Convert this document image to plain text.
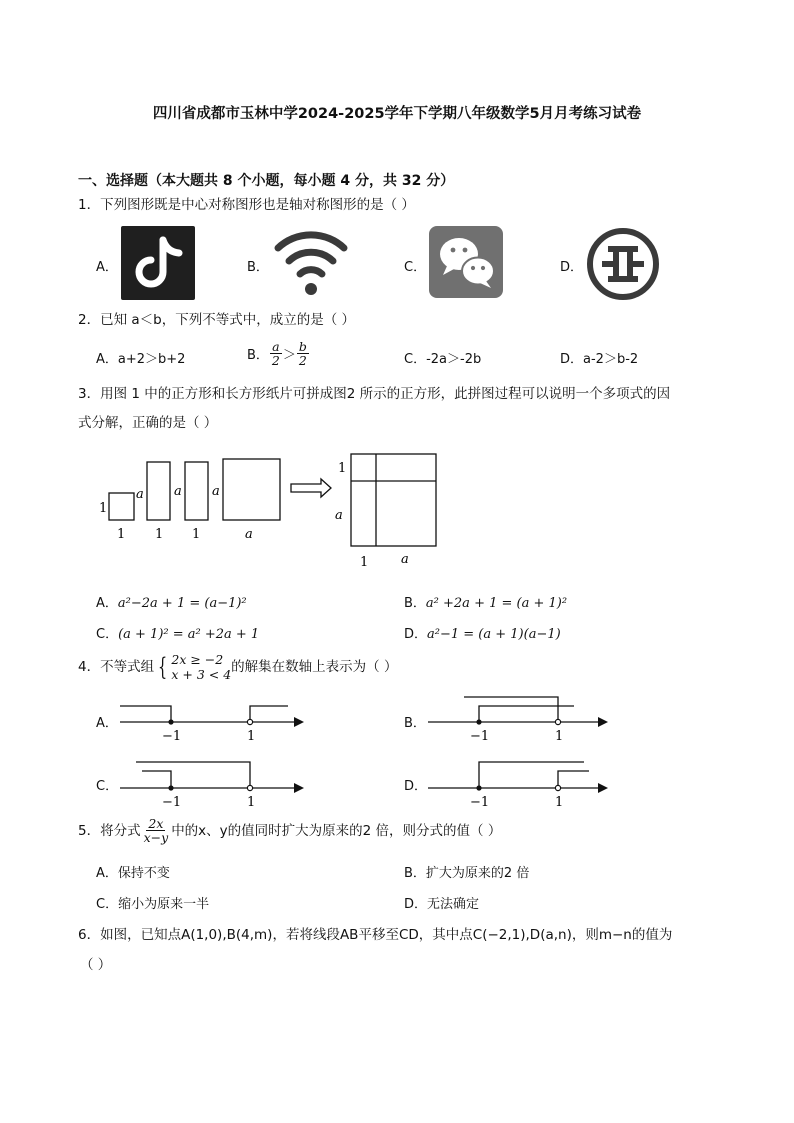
四川省成都市玉林中学2024-2025学年下学期八年级数学5月月考练习试卷
一、选择题（本大题共 8 个小题，每小题 4 分，共 32 分）
1．下列图形既是中心对称图形也是轴对称图形的是（ ）
A．	B．	C．	D．
2．已知 a＜b，下列不等式中，成立的是（ ）
A．a+2＞b+2	B． $\frac{a}{2} > \frac{b}{2}$	C．-2a＞-2b	D．a-2＞b-2
3．用图 1 中的正方形和长方形纸片可拼成图2 所示的正方形，此拼图过程可以说明一个多项式的因
式分解，正确的是（ ）
1
1
a
1
a
1
a
a
1
a
1	a
A．a²−2a + 1 = (a−1)²	B．a² +2a + 1 = (a + 1)²
C．(a + 1)² = a² +2a + 1	D．a²−1 = (a + 1)(a−1)
4．不等式组 { 2x ≥ −2
x + 3 < 4 的解集在数轴上表示为（ ）
A．	B．
C．	D．
−1	1	−1	1
−1	1	−1	1
5．将分式 $\frac{2x}{x-y}$ 中的x、y的值同时扩大为原来的2 倍，则分式的值（ ）
A．保持不变	B．扩大为原来的2 倍
C．缩小为原来一半	D．无法确定
6．如图，已知点A(1,0),B(4,m)，若将线段AB平移至CD，其中点C(−2,1),D(a,n)，则m−n的值为
（ ）
